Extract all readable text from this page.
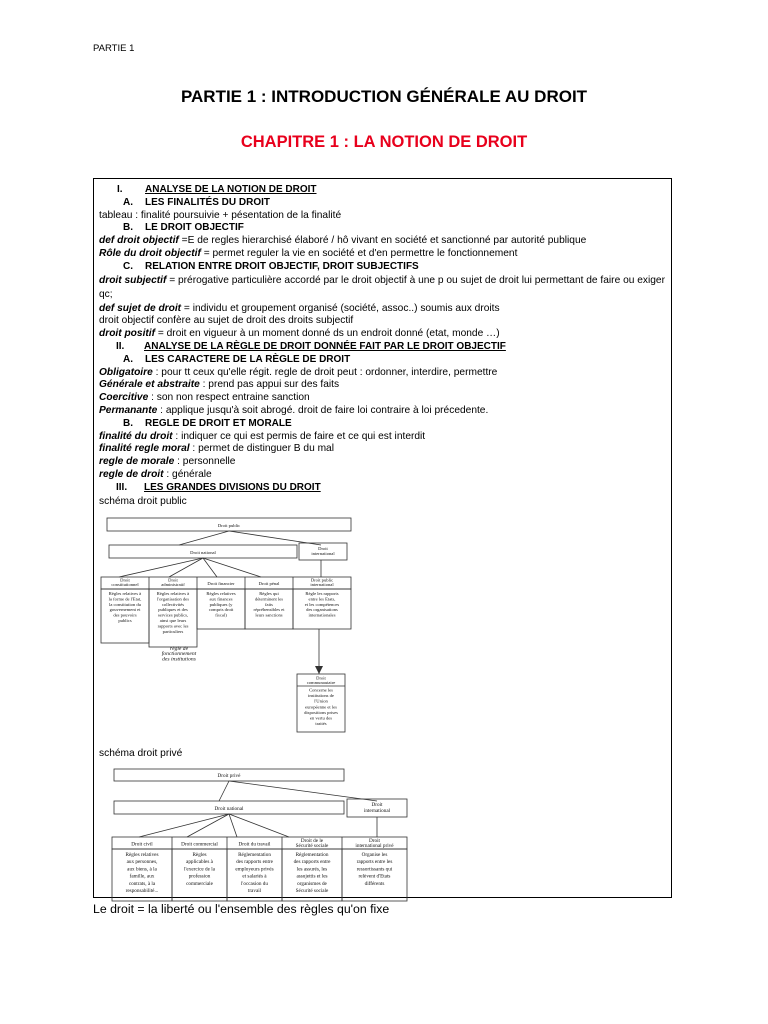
PARTIE 1
PARTIE 1 : INTRODUCTION GÉNÉRALE AU DROIT
CHAPITRE 1 : LA NOTION DE DROIT
I. ANALYSE DE LA NOTION DE DROIT
A. LES FINALITÉS DU DROIT
tableau : finalité poursuivie + pésentation de la finalité
B. LE DROIT OBJECTIF
def droit objectif =E de regles hierarchisé élaboré / hô vivant en société et sanctionné par autorité publique
Rôle du droit objectif = permet reguler la vie en société et d'en permettre le fonctionnement
C. RELATION ENTRE DROIT OBJECTIF, DROIT SUBJECTIFS
droit subjectif = prérogative particulière accordé par le droit objectif à une p ou sujet de droit lui permettant de faire ou exiger qc;
def sujet de droit = individu et groupement organisé (société, assoc..) soumis aux droits
droit objectif confère au sujet de droit des droits subjectif
droit positif = droit en vigueur à un moment donné ds un endroit donné (etat, monde …)
II. ANALYSE DE LA RÈGLE DE DROIT DONNÉE FAIT PAR LE DROIT OBJECTIF
A. LES CARACTERE DE LA RÈGLE DE DROIT
Obligatoire : pour tt ceux qu'elle régit. regle de droit peut : ordonner, interdire, permettre
Générale et abstraite : prend pas appui sur des faits
Coercitive : son non respect entraine sanction
Permanante : applique jusqu'à soit abrogé. droit de faire loi contraire à loi précedente.
B. REGLE DE DROIT ET MORALE
finalité du droit : indiquer ce qui est permis de faire et ce qui est interdit
finalité regle moral : permet de distinguer B du mal
regle de morale : personnelle
regle de droit : générale
III. LES GRANDES DIVISIONS DU DROIT
schéma droit public
Droit public
Droit national
Droit international
Droit constitutionnel
Règles relatives à la forme de l'Etat, la constitution du gouvernement et des pouvoirs publics
Droit administratif
Règles relatives à l'organisation des collectivités publiques et des services publics, ainsi que leurs rapports avec les particuliers
Droit financier
Règles relatives aux finances publiques (y compris droit fiscal)
Droit pénal
Règles qui déterminent les faits répréhensibles et leurs sanctions
Droit public international
Règle les rapports entre les Etats, et les compétences des organisations internationales
règle de fonctionnement des institutions
Droit communautaire
Concerne les institutions de l'Union européenne et les dispositions prises en vertu des traités
schéma droit privé
Droit privé
Droit national
Droit international
Droit civil
Règles relatives aux personnes, aux biens, à la famille, aux contrats, à la responsabilité...
Droit commercial
Règles applicables à l'exercice de la profession commerciale
Droit du travail
Réglementation des rapports entre employeurs privés et salariés à l'occasion du travail
Droit de le Sécurité sociale
Réglementation des rapports entre les assurés, les assujettis et les organismes de Sécurité sociale
Droit international privé
Organise les rapports entre les ressortissants qui relèvent d'Etats différents
Le droit = la liberté ou l'ensemble des règles qu'on fixe
